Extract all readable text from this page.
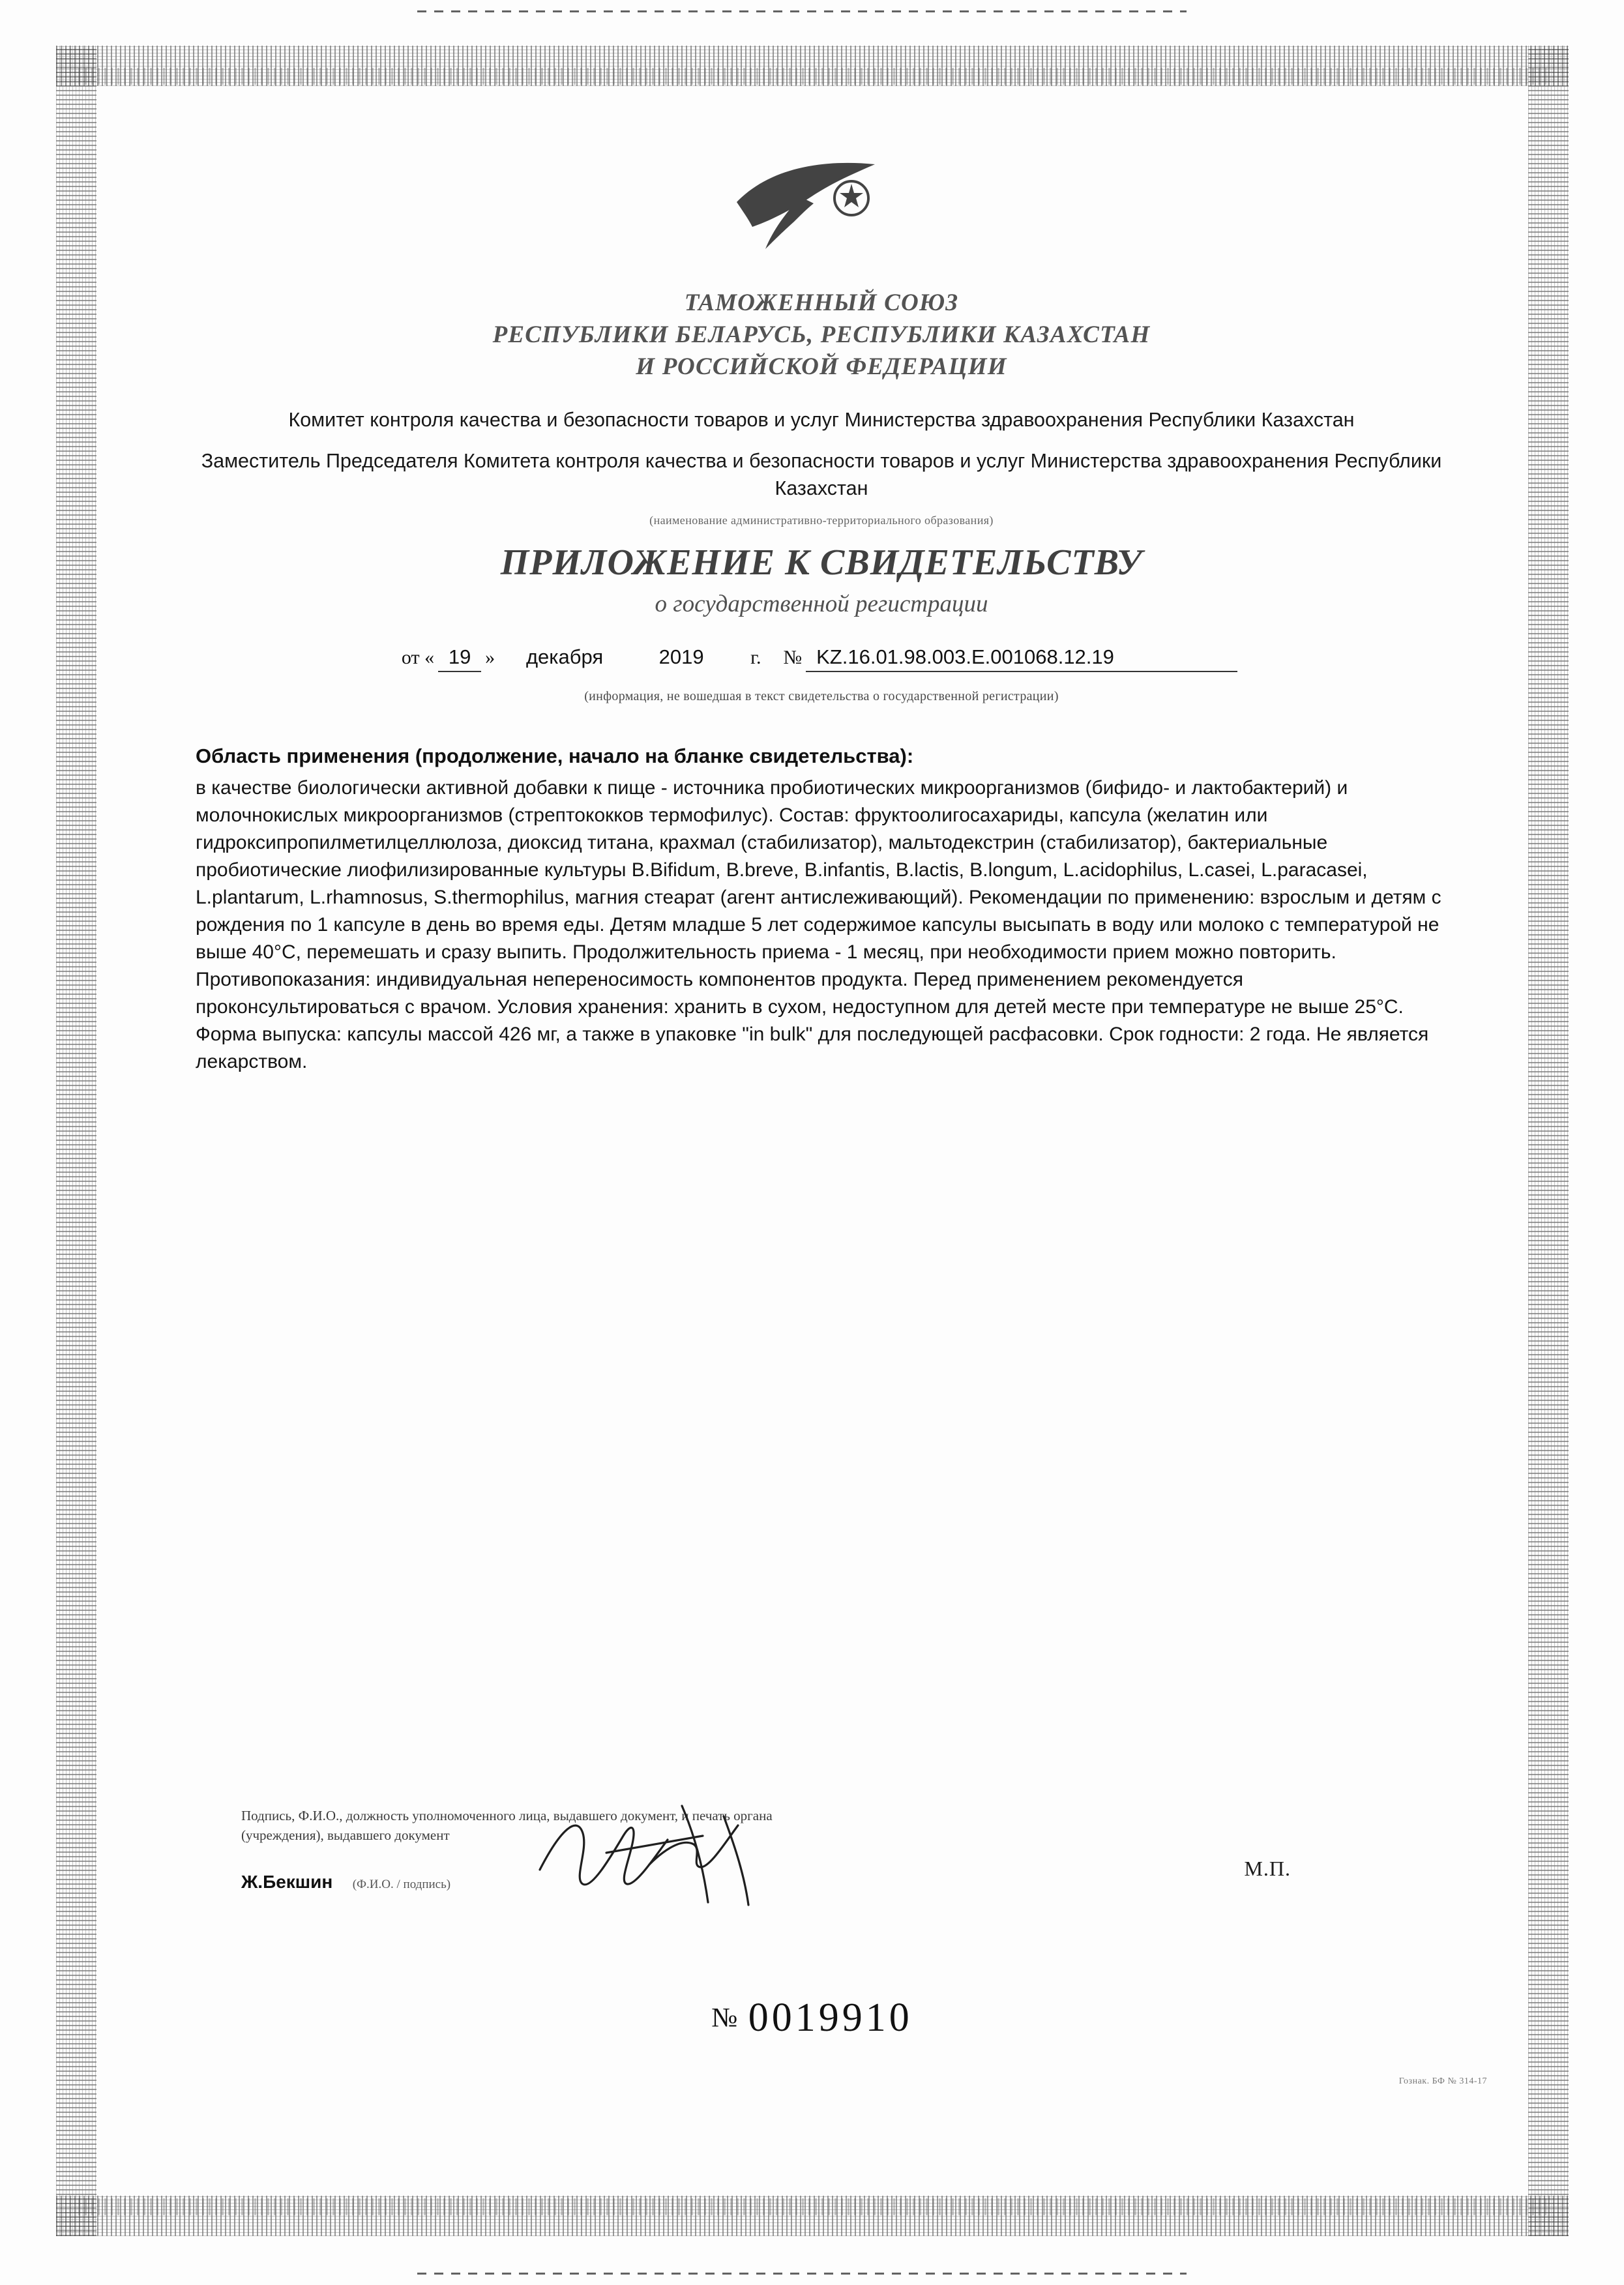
ТАМОЖЕННЫЙ СОЮЗ
РЕСПУБЛИКИ БЕЛАРУСЬ, РЕСПУБЛИКИ КАЗАХСТАН
И РОССИЙСКОЙ ФЕДЕРАЦИИ
Комитет контроля качества и безопасности товаров и услуг Министерства здравоохранения Республики Казахстан
Заместитель Председателя Комитета контроля качества и безопасности товаров и услуг Министерства здравоохранения Республики Казахстан
(наименование административно-территориального образования)
ПРИЛОЖЕНИЕ К СВИДЕТЕЛЬСТВУ
о государственной регистрации
от « 19 »	декабря	2019	г. № KZ.16.01.98.003.Е.001068.12.19
(информация, не вошедшая в текст свидетельства о государственной регистрации)
Область применения (продолжение, начало на бланке свидетельства):
в качестве биологически активной добавки к пище - источника пробиотических микроорганизмов (бифидо- и лактобактерий) и молочнокислых микроорганизмов (стрептококков термофилус). Состав: фруктоолигосахариды, капсула (желатин или гидроксипропилметилцеллюлоза, диоксид титана, крахмал (стабилизатор), мальтодекстрин (стабилизатор), бактериальные пробиотические лиофилизированные культуры B.Bifidum, B.breve, B.infantis, B.lactis, B.longum, L.acidophilus, L.casei, L.paracasei, L.plantarum, L.rhamnosus, S.thermophilus, магния стеарат (агент антислеживающий). Рекомендации по применению: взрослым и детям с рождения по 1 капсуле в день во время еды. Детям младше 5 лет содержимое капсулы высыпать в воду или молоко с температурой не выше 40°С, перемешать и сразу выпить. Продолжительность приема - 1 месяц, при необходимости прием можно повторить. Противопоказания: индивидуальная непереносимость компонентов продукта. Перед применением рекомендуется проконсультироваться с врачом. Условия хранения: хранить в сухом, недоступном для детей месте при температуре не выше 25°С. Форма выпуска: капсулы массой 426 мг, а также в упаковке "in bulk" для последующей расфасовки. Срок годности: 2 года. Не является лекарством.
Подпись, Ф.И.О., должность уполномоченного лица, выдавшего документ, и печать органа (учреждения), выдавшего документ
М.П.
Ж.Бекшин (Ф.И.О. / подпись)
№ 0019910
Гознак. БФ № 314-17
